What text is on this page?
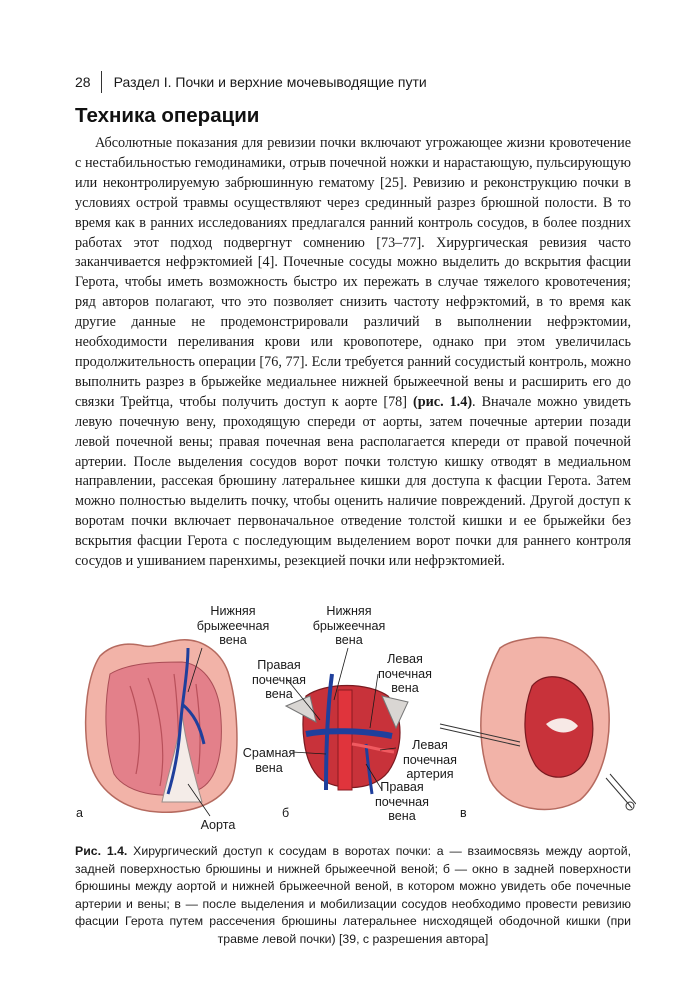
28 Раздел I. Почки и верхние мочевыводящие пути
Техника операции

Абсолютные показания для ревизии почки включают угрожающее жизни кровотечение с нестабильностью гемодинамики, отрыв почечной ножки и нарастающую, пульсирующую или неконтролируемую забрюшинную гематому [25]. Ревизию и реконструкцию почки в условиях острой травмы осуществляют через срединный разрез брюшной полости. В то время как в ранних исследованиях предлагался ранний контроль сосудов, в более поздних работах этот подход подвергнут сомнению [73–77]. Хирургическая ревизия часто заканчивается нефрэктомией [4]. Почечные сосуды можно выделить до вскрытия фасции Герота, чтобы иметь возможность быстро их пережать в случае тяжелого кровотечения; ряд авторов полагают, что это позволяет снизить частоту нефрэктомий, в то время как другие данные не продемонстрировали различий в выполнении нефрэктомии, необходимости переливания крови или кровопотере, однако при этом увеличилась продолжительность операции [76, 77]. Если требуется ранний сосудистый контроль, можно выполнить разрез в брыжейке медиальнее нижней брыжеечной вены и расширить его до связки Трейтца, чтобы получить доступ к аорте [78] (рис. 1.4). Вначале можно увидеть левую почечную вену, проходящую спереди от аорты, затем почечные артерии позади левой почечной вены; правая почечная вена располагается кпереди от правой почечной артерии. После выделения сосудов ворот почки толстую кишку отводят в медиальном направлении, рассекая брюшину латеральнее кишки для доступа к фасции Герота. Затем можно полностью выделить почку, чтобы оценить наличие повреждений. Другой доступ к воротам почки включает первоначальное отведение толстой кишки и ее брыжейки без вскрытия фасции Герота с последующим выделением ворот почки для раннего контроля сосудов и ушиванием паренхимы, резекцией почки или нефрэктомией.

а
Нижняя
брыжеечная
вена
Аорта
б
Нижняя
брыжеечная
вена
Правая
почечная
вена
Левая
почечная
вена
Срамная
вена
Левая
почечная
артерия
Правая
почечная
вена	в

Рис. 1.4. Хирургический доступ к сосудам в воротах почки: а — взаимосвязь между аортой, задней поверхностью брюшины и нижней брыжеечной веной; б — окно в задней поверхности брюшины между аортой и нижней брыжеечной веной, в котором можно увидеть обе почечные артерии и вены; в — после выделения и мобилизации сосудов необходимо провести ревизию фасции Герота путем рассечения брюшины латеральнее нисходящей ободочной кишки (при травме левой почки) [39, с разрешения автора]
